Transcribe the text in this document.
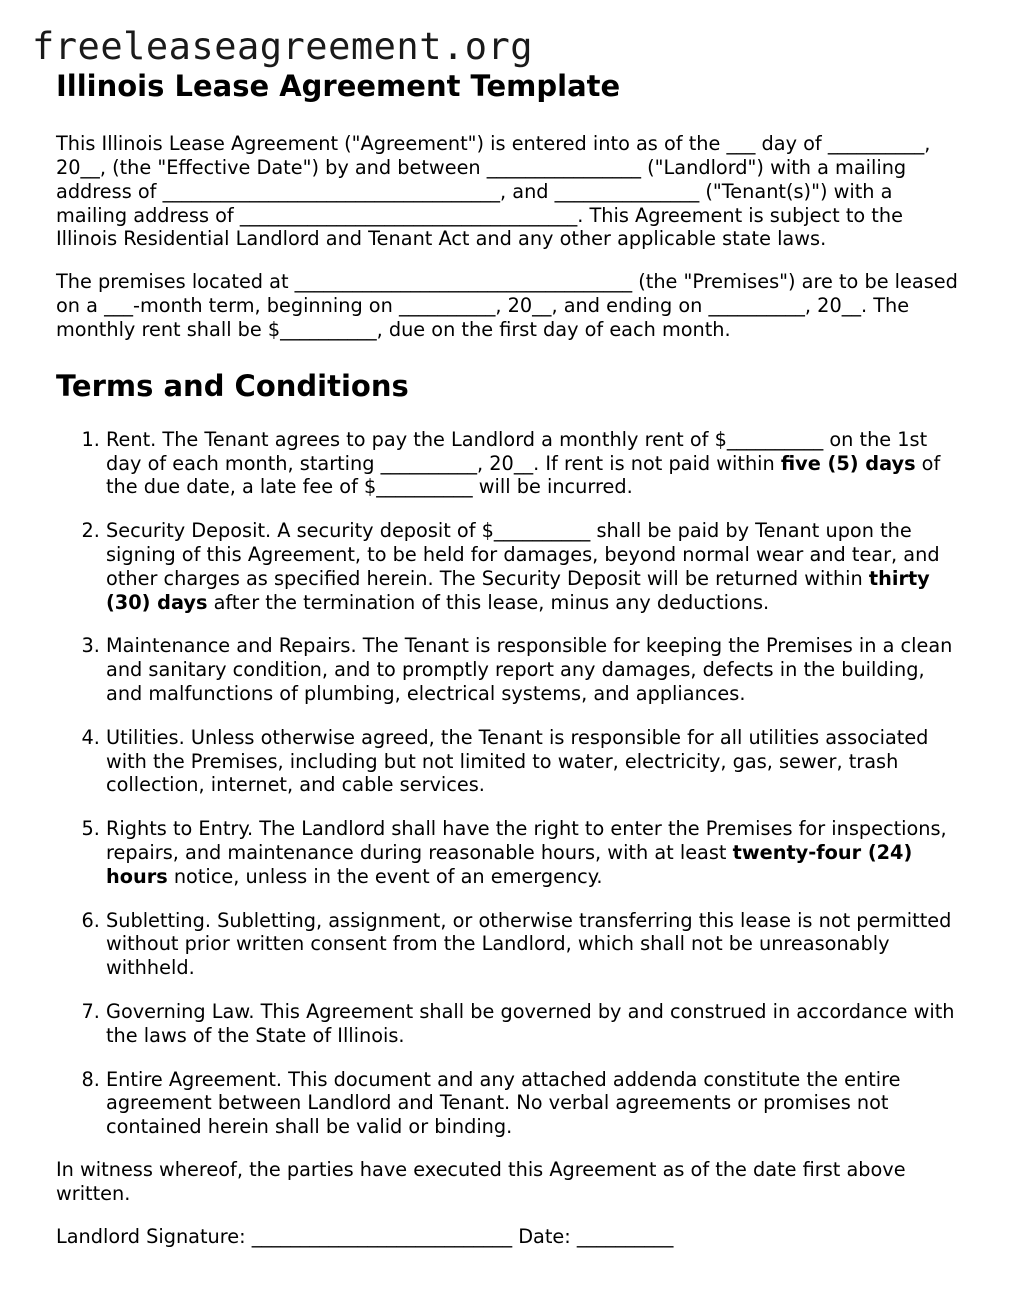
freeleaseagreement.org
Illinois Lease Agreement Template

This Illinois Lease Agreement ("Agreement") is entered into as of the ___ day of __________, 20__, (the "Effective Date") by and between ________________ ("Landlord") with a mailing address of ___________________________________, and _______________ ("Tenant(s)") with a mailing address of ___________________________________. This Agreement is subject to the Illinois Residential Landlord and Tenant Act and any other applicable state laws.

The premises located at ___________________________________ (the "Premises") are to be leased on a ___-month term, beginning on __________, 20__, and ending on __________, 20__. The monthly rent shall be $__________, due on the first day of each month.

Terms and Conditions
1. Rent. The Tenant agrees to pay the Landlord a monthly rent of $__________ on the 1st day of each month, starting __________, 20__. If rent is not paid within five (5) days of the due date, a late fee of $__________ will be incurred.
2. Security Deposit. A security deposit of $__________ shall be paid by Tenant upon the signing of this Agreement, to be held for damages, beyond normal wear and tear, and other charges as specified herein. The Security Deposit will be returned within thirty (30) days after the termination of this lease, minus any deductions.
3. Maintenance and Repairs. The Tenant is responsible for keeping the Premises in a clean and sanitary condition, and to promptly report any damages, defects in the building, and malfunctions of plumbing, electrical systems, and appliances.
4. Utilities. Unless otherwise agreed, the Tenant is responsible for all utilities associated with the Premises, including but not limited to water, electricity, gas, sewer, trash collection, internet, and cable services.
5. Rights to Entry. The Landlord shall have the right to enter the Premises for inspections, repairs, and maintenance during reasonable hours, with at least twenty-four (24) hours notice, unless in the event of an emergency.
6. Subletting. Subletting, assignment, or otherwise transferring this lease is not permitted without prior written consent from the Landlord, which shall not be unreasonably withheld.
7. Governing Law. This Agreement shall be governed by and construed in accordance with the laws of the State of Illinois.
8. Entire Agreement. This document and any attached addenda constitute the entire agreement between Landlord and Tenant. No verbal agreements or promises not contained herein shall be valid or binding.

In witness whereof, the parties have executed this Agreement as of the date first above written.

Landlord Signature: ___________________________ Date: __________
